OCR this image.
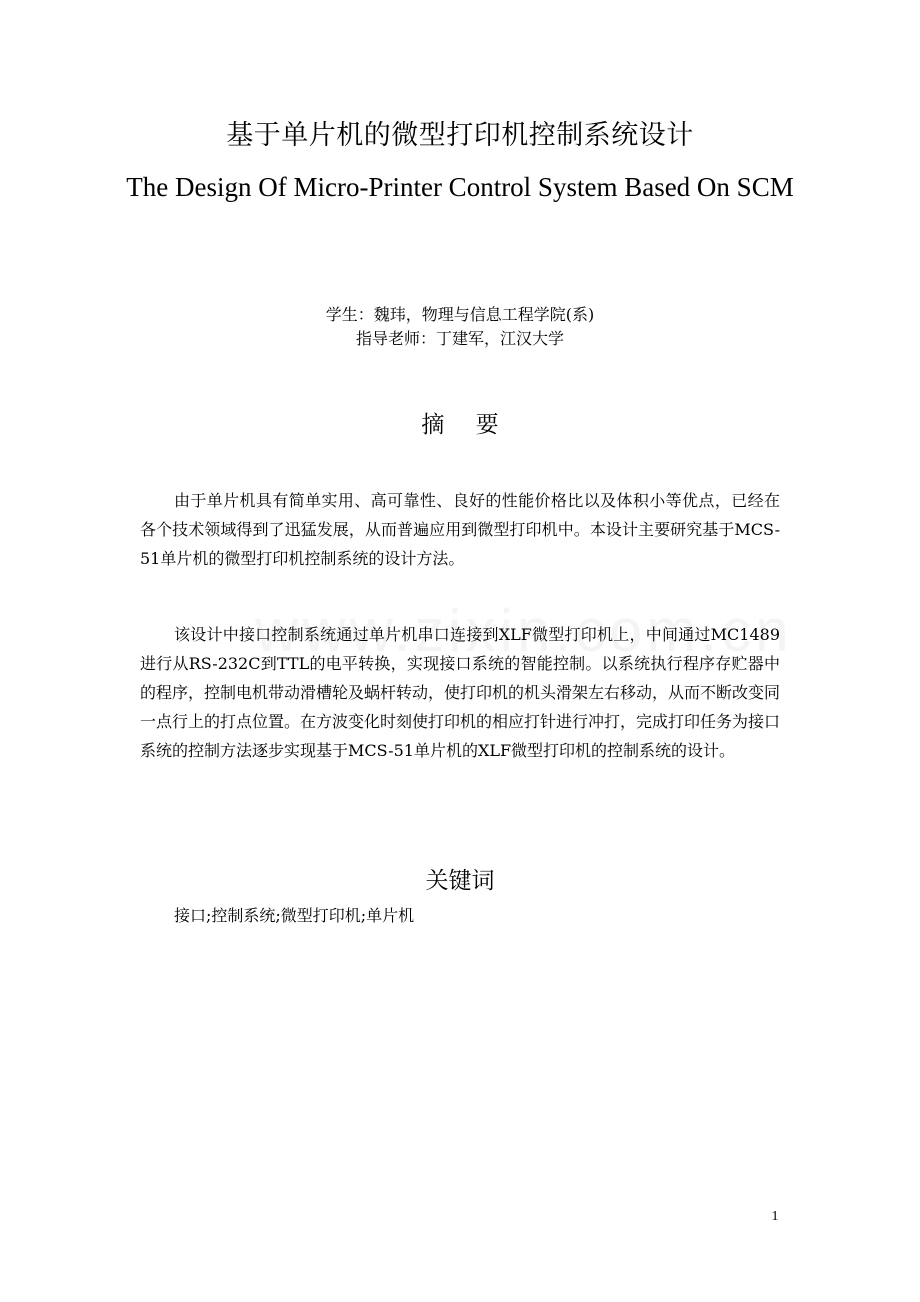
基于单片机的微型打印机控制系统设计
The Design Of Micro-Printer Control System Based On SCM
学生：魏玮，物理与信息工程学院(系)
指导老师：丁建军，江汉大学
摘 要

由于单片机具有简单实用、高可靠性、良好的性能价格比以及体积小等优点，已经在各个技术领域得到了迅猛发展，从而普遍应用到微型打印机中。本设计主要研究基于MCS-51单片机的微型打印机控制系统的设计方法。

该设计中接口控制系统通过单片机串口连接到XLF微型打印机上，中间通过MC1489进行从RS-232C到TTL的电平转换，实现接口系统的智能控制。以系统执行程序存贮器中的程序，控制电机带动滑槽轮及蜗杆转动，使打印机的机头滑架左右移动，从而不断改变同一点行上的打点位置。在方波变化时刻使打印机的相应打针进行冲打，完成打印任务为接口系统的控制方法逐步实现基于MCS-51单片机的XLF微型打印机的控制系统的设计。

关键词
接口;控制系统;微型打印机;单片机
1
